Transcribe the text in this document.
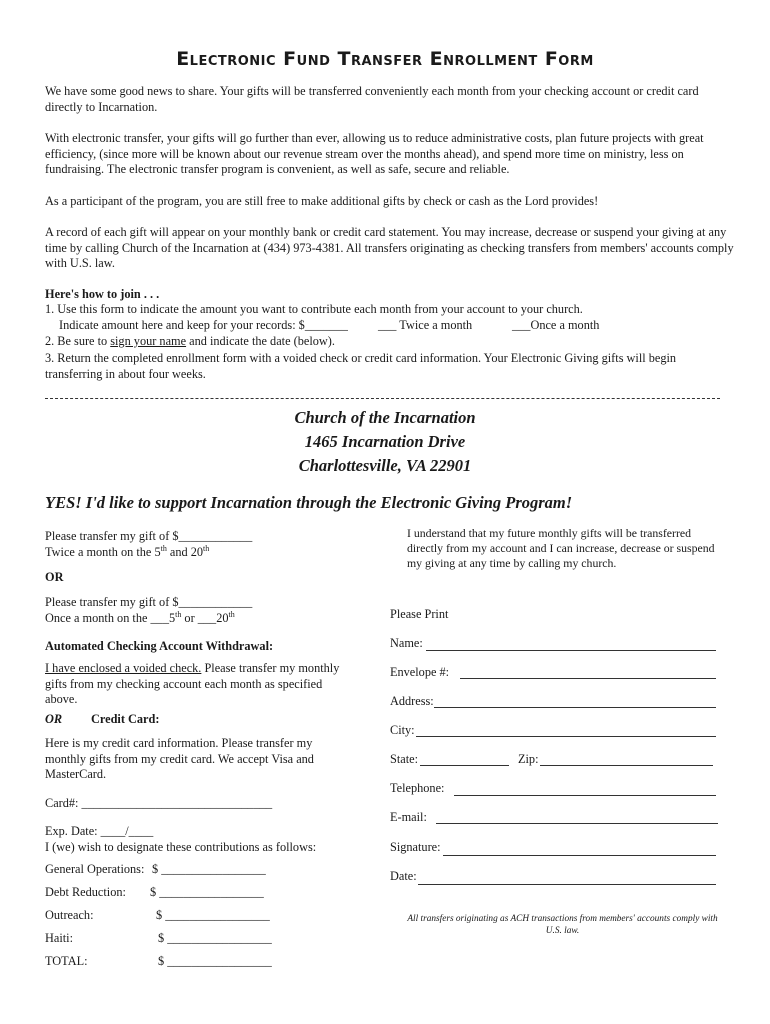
Electronic Fund Transfer Enrollment Form
We have some good news to share. Your gifts will be transferred conveniently each month from your checking account or credit card directly to Incarnation.
With electronic transfer, your gifts will go further than ever, allowing us to reduce administrative costs, plan future projects with great efficiency, (since more will be known about our revenue stream over the months ahead), and spend more time on ministry, less on fundraising. The electronic transfer program is convenient, as well as safe, secure and reliable.
As a participant of the program, you are still free to make additional gifts by check or cash as the Lord provides!
A record of each gift will appear on your monthly bank or credit card statement. You may increase, decrease or suspend your giving at any time by calling Church of the Incarnation at (434) 973-4381. All transfers originating as checking transfers from members' accounts comply with U.S. law.
Here's how to join . . .
1. Use this form to indicate the amount you want to contribute each month from your account to your church.
Indicate amount here and keep for your records: $_______ ___ Twice a month	___Once a month
2. Be sure to sign your name and indicate the date (below).
3. Return the completed enrollment form with a voided check or credit card information. Your Electronic Giving gifts will begin transferring in about four weeks.
Church of the Incarnation
1465 Incarnation Drive
Charlottesville, VA 22901
YES! I'd like to support Incarnation through the Electronic Giving Program!
Please transfer my gift of $____________
Twice a month on the 5th and 20th
OR
Please transfer my gift of $____________
Once a month on the ___5th or ___20th
Automated Checking Account Withdrawal:
I have enclosed a voided check. Please transfer my monthly gifts from my checking account each month as specified above.
OR Credit Card:
Here is my credit card information. Please transfer my monthly gifts from my credit card. We accept Visa and MasterCard.
Card#: _______________________________
Exp. Date: ____/____
I (we) wish to designate these contributions as follows:
General Operations: $ _________________
Debt Reduction: $ _________________
Outreach:	$ _________________
Haiti:	$ _________________
TOTAL:	$ _________________
I understand that my future monthly gifts will be transferred directly from my account and I can increase, decrease or suspend my giving at any time by calling my church.
Please Print
Name:
Envelope #:
Address:
City:
State:	Zip:
Telephone:
E-mail:
Signature:
Date:
All transfers originating as ACH transactions from members' accounts comply with U.S. law.
